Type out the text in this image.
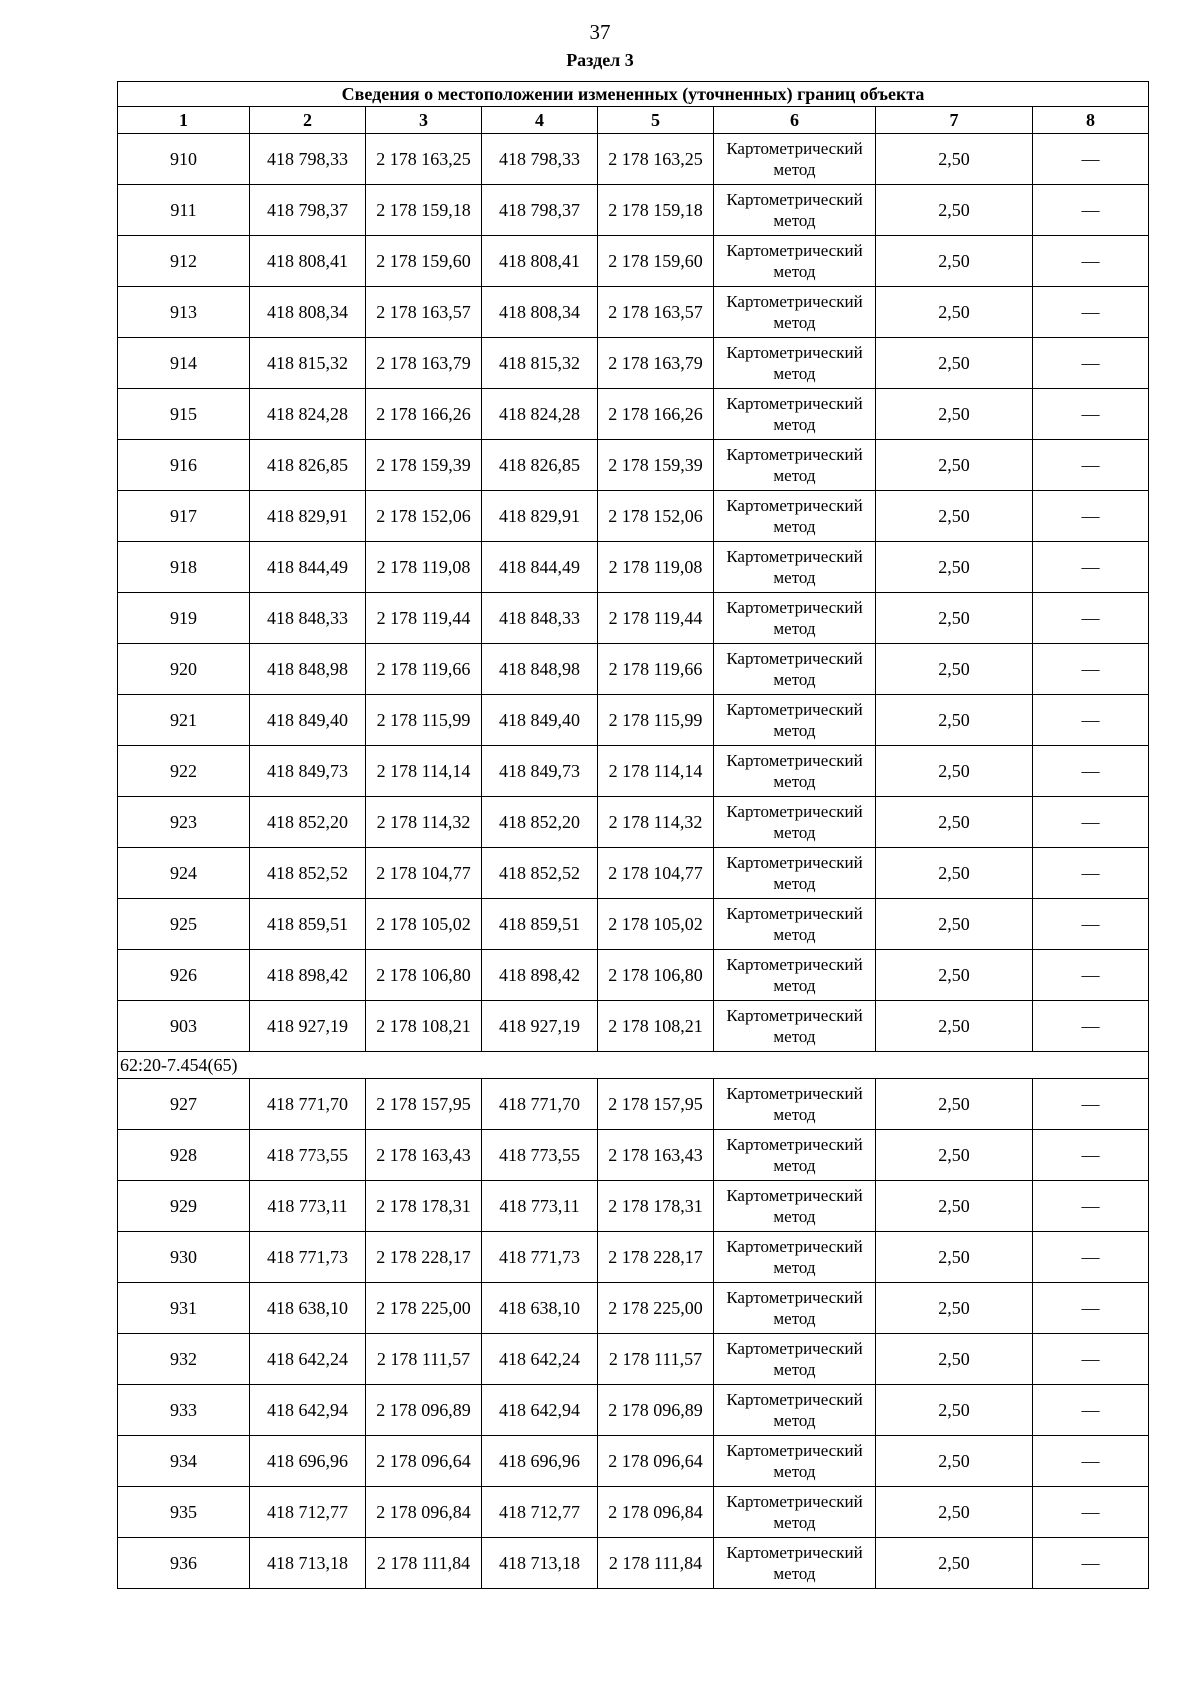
37
Раздел 3
Сведения о местоположении измененных (уточненных) границ объекта							
1	2	3	4	5	6	7	8
910	418 798,33	2 178 163,25	418 798,33	2 178 163,25	Картометрический метод	2,50	—
911	418 798,37	2 178 159,18	418 798,37	2 178 159,18	Картометрический метод	2,50	—
912	418 808,41	2 178 159,60	418 808,41	2 178 159,60	Картометрический метод	2,50	—
913	418 808,34	2 178 163,57	418 808,34	2 178 163,57	Картометрический метод	2,50	—
914	418 815,32	2 178 163,79	418 815,32	2 178 163,79	Картометрический метод	2,50	—
915	418 824,28	2 178 166,26	418 824,28	2 178 166,26	Картометрический метод	2,50	—
916	418 826,85	2 178 159,39	418 826,85	2 178 159,39	Картометрический метод	2,50	—
917	418 829,91	2 178 152,06	418 829,91	2 178 152,06	Картометрический метод	2,50	—
918	418 844,49	2 178 119,08	418 844,49	2 178 119,08	Картометрический метод	2,50	—
919	418 848,33	2 178 119,44	418 848,33	2 178 119,44	Картометрический метод	2,50	—
920	418 848,98	2 178 119,66	418 848,98	2 178 119,66	Картометрический метод	2,50	—
921	418 849,40	2 178 115,99	418 849,40	2 178 115,99	Картометрический метод	2,50	—
922	418 849,73	2 178 114,14	418 849,73	2 178 114,14	Картометрический метод	2,50	—
923	418 852,20	2 178 114,32	418 852,20	2 178 114,32	Картометрический метод	2,50	—
924	418 852,52	2 178 104,77	418 852,52	2 178 104,77	Картометрический метод	2,50	—
925	418 859,51	2 178 105,02	418 859,51	2 178 105,02	Картометрический метод	2,50	—
926	418 898,42	2 178 106,80	418 898,42	2 178 106,80	Картометрический метод	2,50	—
903	418 927,19	2 178 108,21	418 927,19	2 178 108,21	Картометрический метод	2,50	—
62:20-7.454(65)							
927	418 771,70	2 178 157,95	418 771,70	2 178 157,95	Картометрический метод	2,50	—
928	418 773,55	2 178 163,43	418 773,55	2 178 163,43	Картометрический метод	2,50	—
929	418 773,11	2 178 178,31	418 773,11	2 178 178,31	Картометрический метод	2,50	—
930	418 771,73	2 178 228,17	418 771,73	2 178 228,17	Картометрический метод	2,50	—
931	418 638,10	2 178 225,00	418 638,10	2 178 225,00	Картометрический метод	2,50	—
932	418 642,24	2 178 111,57	418 642,24	2 178 111,57	Картометрический метод	2,50	—
933	418 642,94	2 178 096,89	418 642,94	2 178 096,89	Картометрический метод	2,50	—
934	418 696,96	2 178 096,64	418 696,96	2 178 096,64	Картометрический метод	2,50	—
935	418 712,77	2 178 096,84	418 712,77	2 178 096,84	Картометрический метод	2,50	—
936	418 713,18	2 178 111,84	418 713,18	2 178 111,84	Картометрический метод	2,50	—
